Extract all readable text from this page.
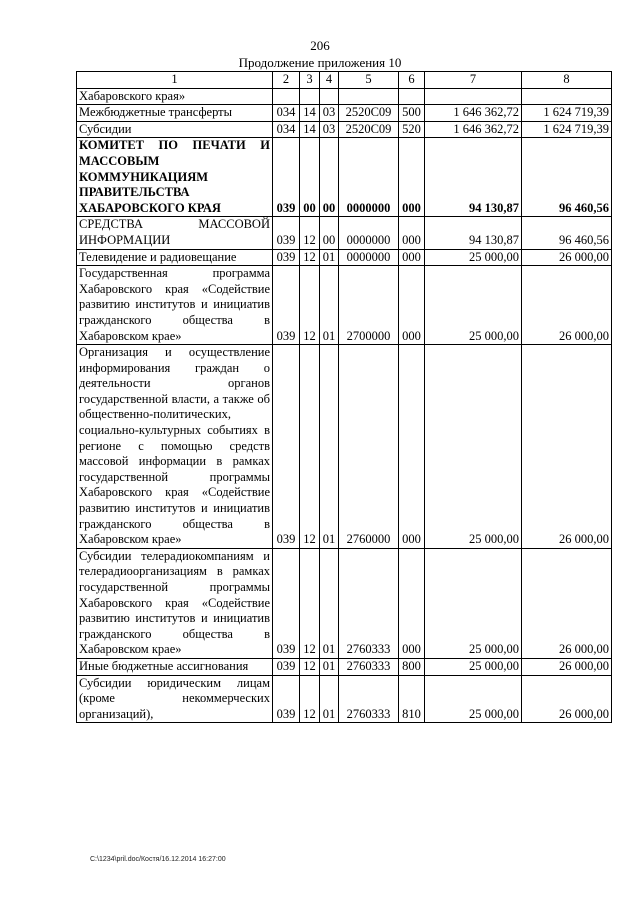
206
Продолжение приложения 10
1	2	3	4	5	6	7	8
Хабаровского края»							
Межбюджетные трансферты	034	14	03	2520С09	500	1 646 362,72	1 624 719,39
Субсидии	034	14	03	2520С09	520	1 646 362,72	1 624 719,39
КОМИТЕТ ПО ПЕЧАТИ И МАССОВЫМ КОММУНИКАЦИЯМ ПРАВИТЕЛЬСТВА ХАБАРОВСКОГО КРАЯ	039	00	00	0000000	000	94 130,87	96 460,56
СРЕДСТВА МАССОВОЙ ИНФОРМАЦИИ	039	12	00	0000000	000	94 130,87	96 460,56
Телевидение и радиовещание	039	12	01	0000000	000	25 000,00	26 000,00
Государственная программа Хабаровского края «Содействие развитию институтов и инициатив гражданского общества в Хабаровском крае»	039	12	01	2700000	000	25 000,00	26 000,00
Организация и осуществление информирования граждан о деятельности органов государственной власти, а также об общественно-политических, социально-культурных событиях в регионе с помощью средств массовой информации в рамках государственной программы Хабаровского края «Содействие развитию институтов и инициатив гражданского общества в Хабаровском крае»	039	12	01	2760000	000	25 000,00	26 000,00
Субсидии телерадиокомпаниям и телерадиоорганизациям в рамках государственной программы Хабаровского края «Содействие развитию институтов и инициатив гражданского общества в Хабаровском крае»	039	12	01	2760333	000	25 000,00	26 000,00
Иные бюджетные ассигнования	039	12	01	2760333	800	25 000,00	26 000,00
Субсидии юридическим лицам (кроме некоммерческих организаций),	039	12	01	2760333	810	25 000,00	26 000,00
C:\1234\pril.doc/Костя/16.12.2014 16:27:00
